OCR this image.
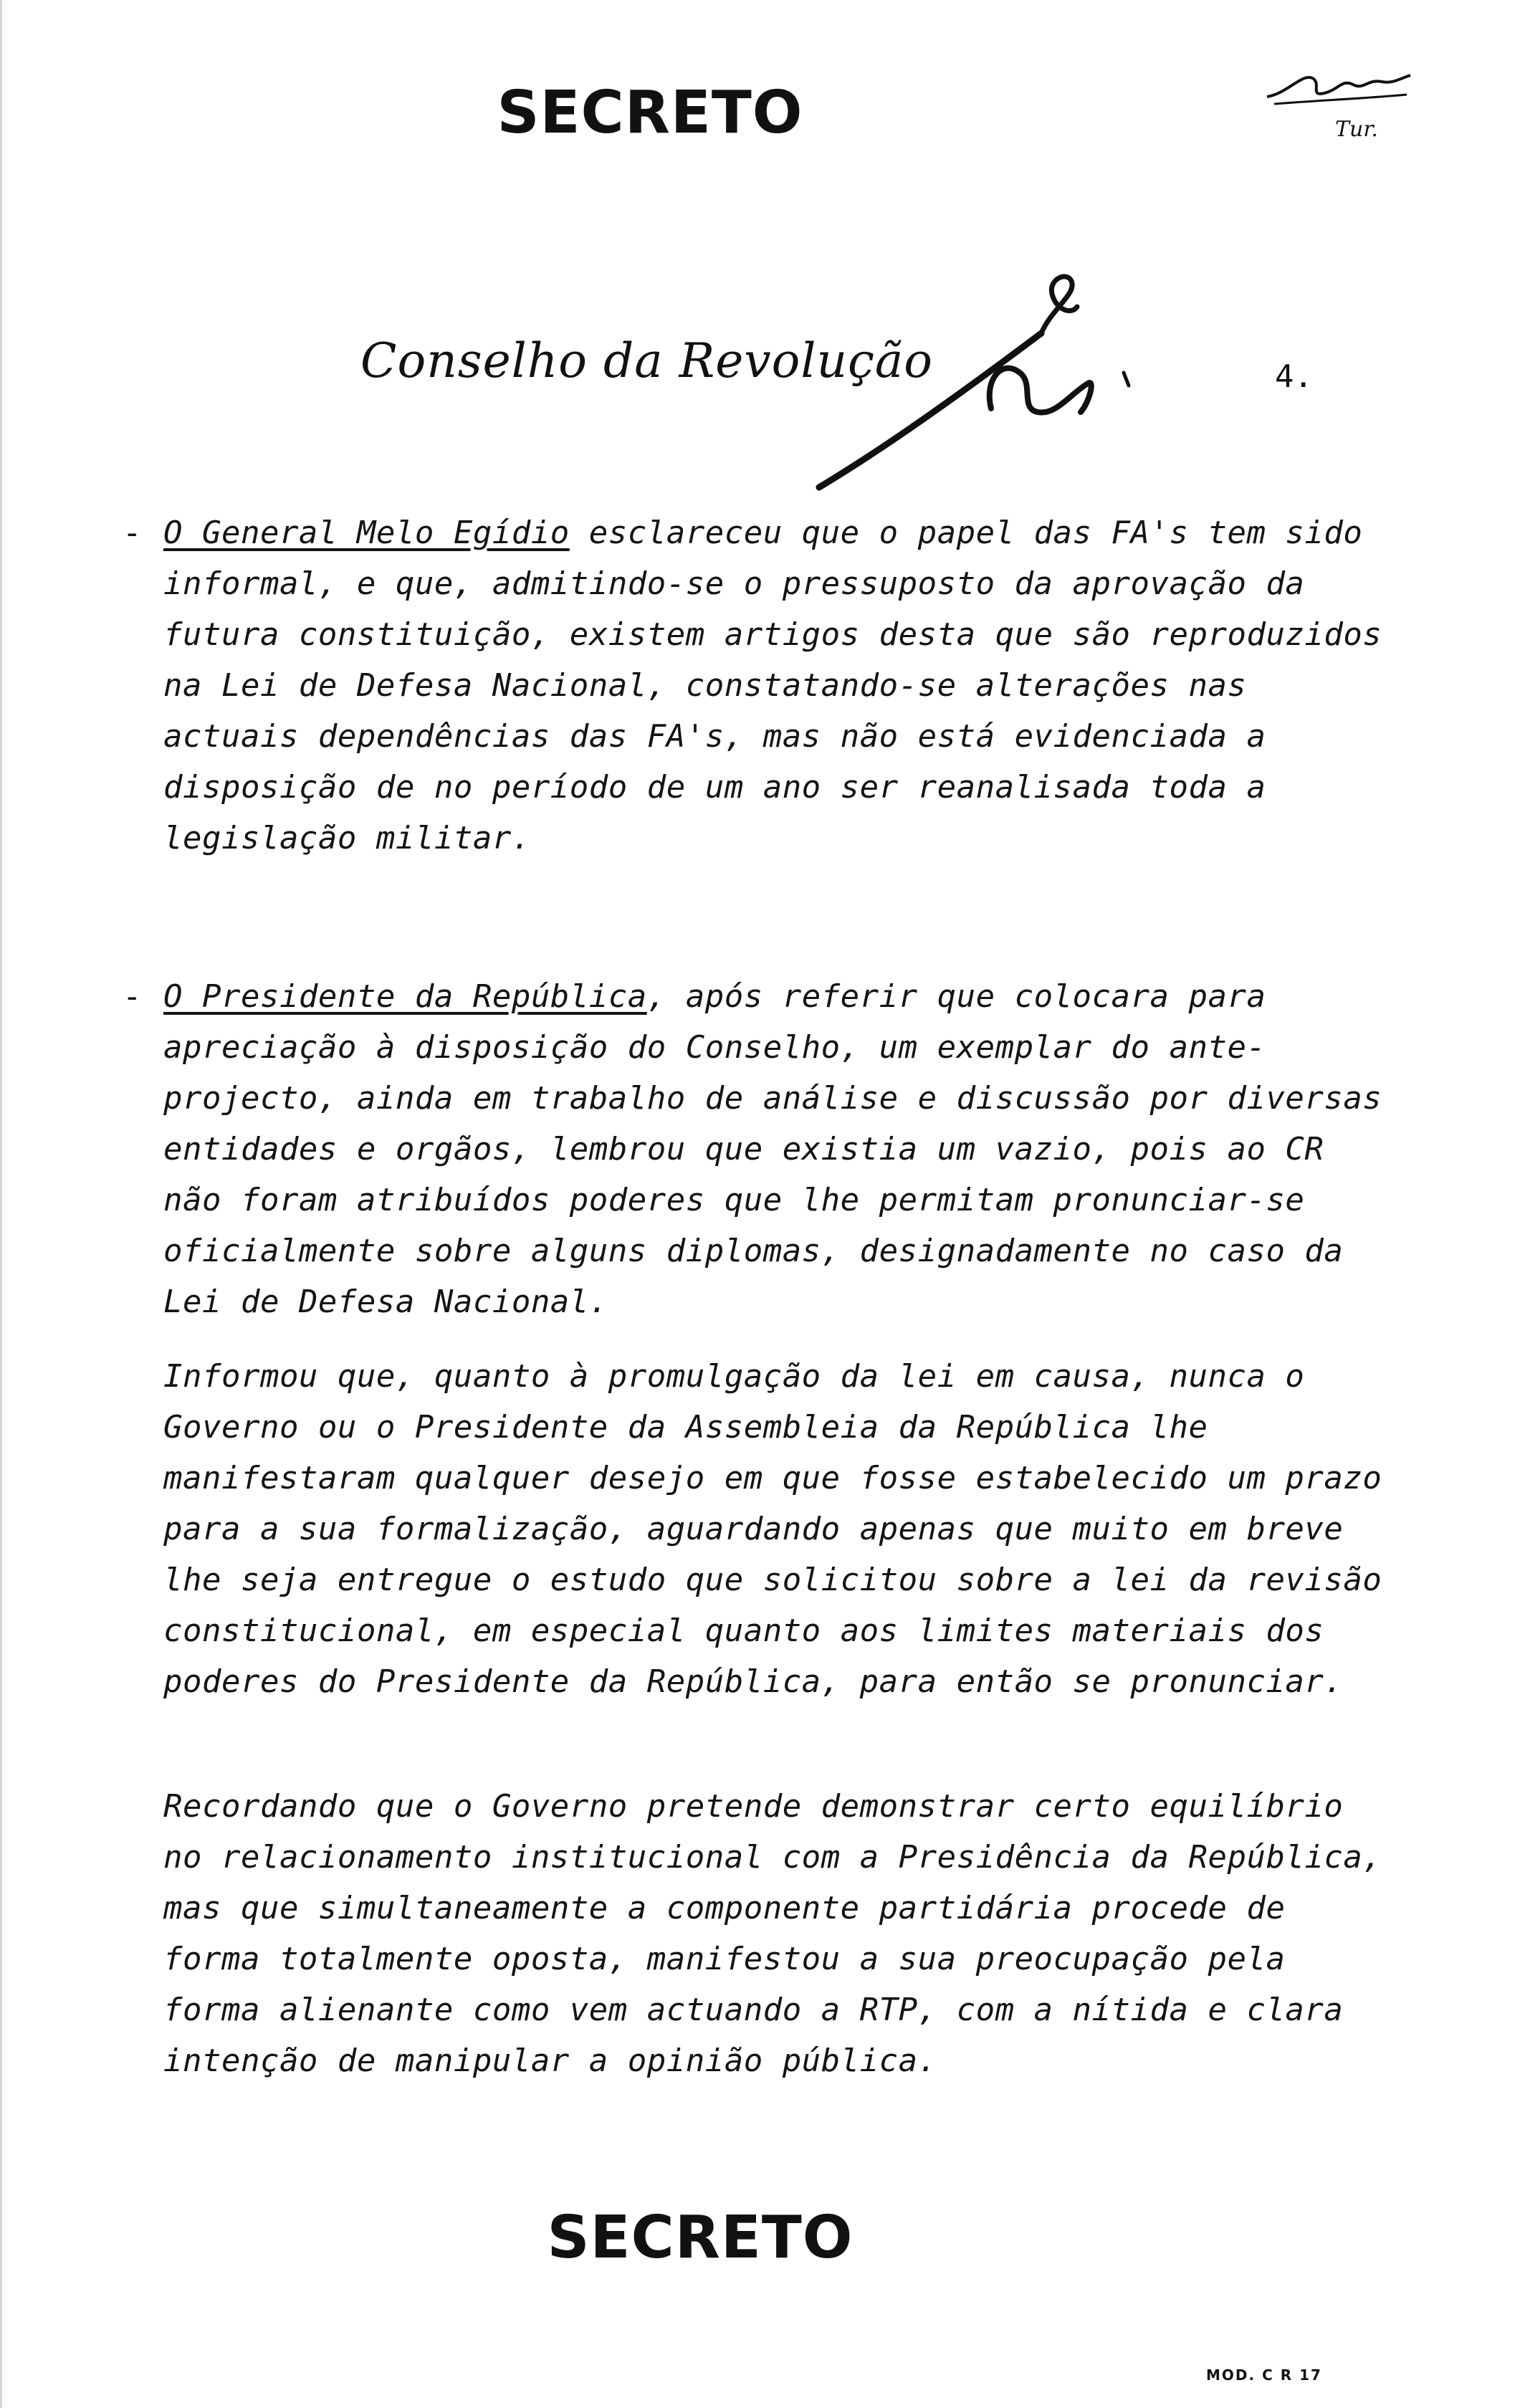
SECRETO	Tur.
Conselho da Revolução	4.
- O General Melo Egídio esclareceu que o papel das FA's tem sido informal, e que, admitindo-se o pressuposto da aprovação da futura constituição, existem artigos desta que são reproduzidos na Lei de Defesa Nacional, constatando-se alterações nas actuais dependências das FA's, mas não está evidenciada a disposição de no período de um ano ser reanalisada toda a legislação militar.

- O Presidente da República, após referir que colocara para apreciação à disposição do Conselho, um exemplar do ante-projecto, ainda em trabalho de análise e discussão por diversas entidades e orgãos, lembrou que existia um vazio, pois ao CR não foram atribuídos poderes que lhe permitam pronunciar-se oficialmente sobre alguns diplomas, designadamente no caso da Lei de Defesa Nacional.

Informou que, quanto à promulgação da lei em causa, nunca o Governo ou o Presidente da Assembleia da República lhe manifestaram qualquer desejo em que fosse estabelecido um prazo para a sua formalização, aguardando apenas que muito em breve lhe seja entregue o estudo que solicitou sobre a lei da revisão constitucional, em especial quanto aos limites materiais dos poderes do Presidente da República, para então se pronunciar.

Recordando que o Governo pretende demonstrar certo equilíbrio no relacionamento institucional com a Presidência da República, mas que simultaneamente a componente partidária procede de forma totalmente oposta, manifestou a sua preocupação pela forma alienante como vem actuando a RTP, com a nítida e clara intenção de manipular a opinião pública.

SECRETO
MOD. C R 17
